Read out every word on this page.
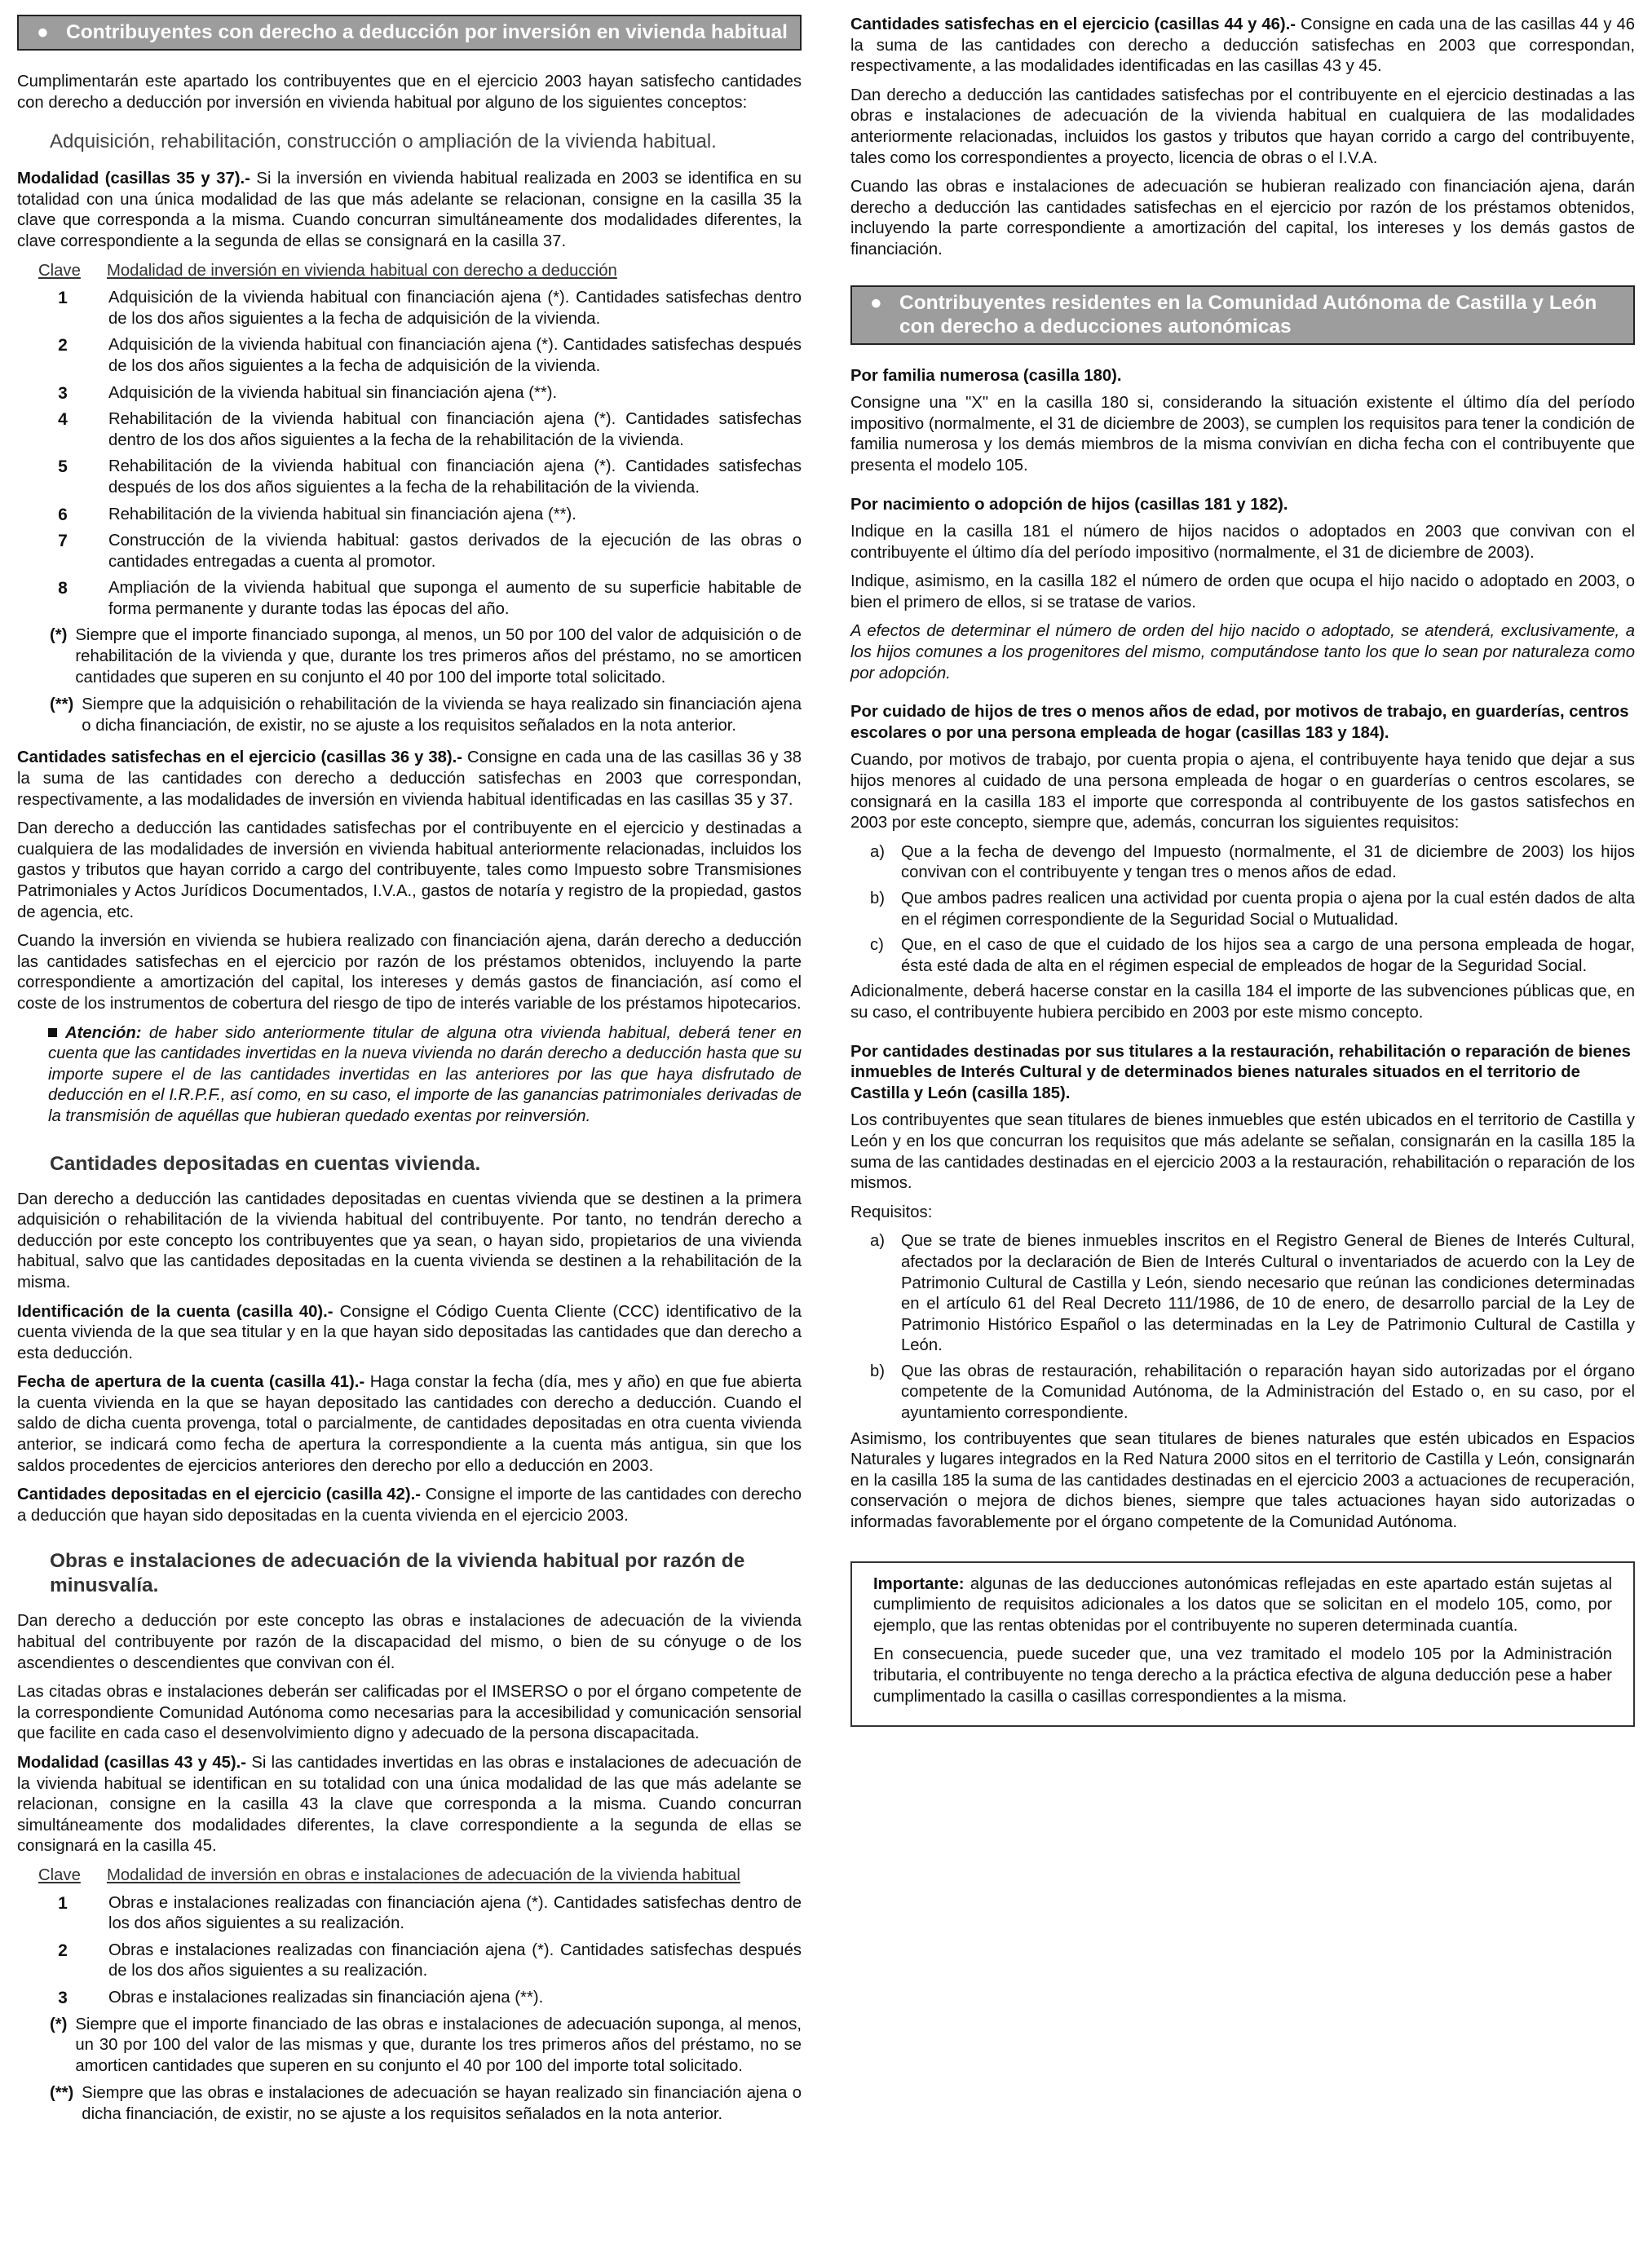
● Contribuyentes con derecho a deducción por inversión en vivienda habitual

Cumplimentarán este apartado los contribuyentes que en el ejercicio 2003 hayan satisfecho cantidades con derecho a deducción por inversión en vivienda habitual por alguno de los siguientes conceptos:

Adquisición, rehabilitación, construcción o ampliación de la vivienda habitual.

Modalidad (casillas 35 y 37).- Si la inversión en vivienda habitual realizada en 2003 se identifica en su totalidad con una única modalidad de las que más adelante se relacionan, consigne en la casilla 35 la clave que corresponda a la misma. Cuando concurran simultáneamente dos modalidades diferentes, la clave correspondiente a la segunda de ellas se consignará en la casilla 37.

Clave	Modalidad de inversión en vivienda habitual con derecho a deducción
1	Adquisición de la vivienda habitual con financiación ajena (*). Cantidades satisfechas dentro de los dos años siguientes a la fecha de adquisición de la vivienda.
2	Adquisición de la vivienda habitual con financiación ajena (*). Cantidades satisfechas después de los dos años siguientes a la fecha de adquisición de la vivienda.
3	Adquisición de la vivienda habitual sin financiación ajena (**).
4	Rehabilitación de la vivienda habitual con financiación ajena (*). Cantidades satisfechas dentro de los dos años siguientes a la fecha de la rehabilitación de la vivienda.
5	Rehabilitación de la vivienda habitual con financiación ajena (*). Cantidades satisfechas después de los dos años siguientes a la fecha de la rehabilitación de la vivienda.
6	Rehabilitación de la vivienda habitual sin financiación ajena (**).
7	Construcción de la vivienda habitual: gastos derivados de la ejecución de las obras o cantidades entregadas a cuenta al promotor.
8	Ampliación de la vivienda habitual que suponga el aumento de su superficie habitable de forma permanente y durante todas las épocas del año.
(*) Siempre que el importe financiado suponga, al menos, un 50 por 100 del valor de adquisición o de rehabilitación de la vivienda y que, durante los tres primeros años del préstamo, no se amorticen cantidades que superen en su conjunto el 40 por 100 del importe total solicitado.
(**) Siempre que la adquisición o rehabilitación de la vivienda se haya realizado sin financiación ajena o dicha financiación, de existir, no se ajuste a los requisitos señalados en la nota anterior.

Cantidades satisfechas en el ejercicio (casillas 36 y 38).- Consigne en cada una de las casillas 36 y 38 la suma de las cantidades con derecho a deducción satisfechas en 2003 que correspondan, respectivamente, a las modalidades de inversión en vivienda habitual identificadas en las casillas 35 y 37.

Dan derecho a deducción las cantidades satisfechas por el contribuyente en el ejercicio y destinadas a cualquiera de las modalidades de inversión en vivienda habitual anteriormente relacionadas, incluidos los gastos y tributos que hayan corrido a cargo del contribuyente, tales como Impuesto sobre Transmisiones Patrimoniales y Actos Jurídicos Documentados, I.V.A., gastos de notaría y registro de la propiedad, gastos de agencia, etc.

Cuando la inversión en vivienda se hubiera realizado con financiación ajena, darán derecho a deducción las cantidades satisfechas en el ejercicio por razón de los préstamos obtenidos, incluyendo la parte correspondiente a amortización del capital, los intereses y demás gastos de financiación, así como el coste de los instrumentos de cobertura del riesgo de tipo de interés variable de los préstamos hipotecarios.

Atención: de haber sido anteriormente titular de alguna otra vivienda habitual, deberá tener en cuenta que las cantidades invertidas en la nueva vivienda no darán derecho a deducción hasta que su importe supere el de las cantidades invertidas en las anteriores por las que haya disfrutado de deducción en el I.R.P.F., así como, en su caso, el importe de las ganancias patrimoniales derivadas de la transmisión de aquéllas que hubieran quedado exentas por reinversión.
Cantidades depositadas en cuentas vivienda.

Dan derecho a deducción las cantidades depositadas en cuentas vivienda que se destinen a la primera adquisición o rehabilitación de la vivienda habitual del contribuyente. Por tanto, no tendrán derecho a deducción por este concepto los contribuyentes que ya sean, o hayan sido, propietarios de una vivienda habitual, salvo que las cantidades depositadas en la cuenta vivienda se destinen a la rehabilitación de la misma.

Identificación de la cuenta (casilla 40).- Consigne el Código Cuenta Cliente (CCC) identificativo de la cuenta vivienda de la que sea titular y en la que hayan sido depositadas las cantidades que dan derecho a esta deducción.

Fecha de apertura de la cuenta (casilla 41).- Haga constar la fecha (día, mes y año) en que fue abierta la cuenta vivienda en la que se hayan depositado las cantidades con derecho a deducción. Cuando el saldo de dicha cuenta provenga, total o parcialmente, de cantidades depositadas en otra cuenta vivienda anterior, se indicará como fecha de apertura la correspondiente a la cuenta más antigua, sin que los saldos procedentes de ejercicios anteriores den derecho por ello a deducción en 2003.

Cantidades depositadas en el ejercicio (casilla 42).- Consigne el importe de las cantidades con derecho a deducción que hayan sido depositadas en la cuenta vivienda en el ejercicio 2003.

Obras e instalaciones de adecuación de la vivienda habitual por razón de minusvalía.

Dan derecho a deducción por este concepto las obras e instalaciones de adecuación de la vivienda habitual del contribuyente por razón de la discapacidad del mismo, o bien de su cónyuge o de los ascendientes o descendientes que convivan con él.

Las citadas obras e instalaciones deberán ser calificadas por el IMSERSO o por el órgano competente de la correspondiente Comunidad Autónoma como necesarias para la accesibilidad y comunicación sensorial que facilite en cada caso el desenvolvimiento digno y adecuado de la persona discapacitada.

Modalidad (casillas 43 y 45).- Si las cantidades invertidas en las obras e instalaciones de adecuación de la vivienda habitual se identifican en su totalidad con una única modalidad de las que más adelante se relacionan, consigne en la casilla 43 la clave que corresponda a la misma. Cuando concurran simultáneamente dos modalidades diferentes, la clave correspondiente a la segunda de ellas se consignará en la casilla 45.

Clave	Modalidad de inversión en obras e instalaciones de adecuación de la vivienda habitual
1	Obras e instalaciones realizadas con financiación ajena (*). Cantidades satisfechas dentro de los dos años siguientes a su realización.
2	Obras e instalaciones realizadas con financiación ajena (*). Cantidades satisfechas después de los dos años siguientes a su realización.
3	Obras e instalaciones realizadas sin financiación ajena (**).
(*) Siempre que el importe financiado de las obras e instalaciones de adecuación suponga, al menos, un 30 por 100 del valor de las mismas y que, durante los tres primeros años del préstamo, no se amorticen cantidades que superen en su conjunto el 40 por 100 del importe total solicitado.
(**) Siempre que las obras e instalaciones de adecuación se hayan realizado sin financiación ajena o dicha financiación, de existir, no se ajuste a los requisitos señalados en la nota anterior.

Cantidades satisfechas en el ejercicio (casillas 44 y 46).- Consigne en cada una de las casillas 44 y 46 la suma de las cantidades con derecho a deducción satisfechas en 2003 que correspondan, respectivamente, a las modalidades identificadas en las casillas 43 y 45.

Dan derecho a deducción las cantidades satisfechas por el contribuyente en el ejercicio destinadas a las obras e instalaciones de adecuación de la vivienda habitual en cualquiera de las modalidades anteriormente relacionadas, incluidos los gastos y tributos que hayan corrido a cargo del contribuyente, tales como los correspondientes a proyecto, licencia de obras o el I.V.A.

Cuando las obras e instalaciones de adecuación se hubieran realizado con financiación ajena, darán derecho a deducción las cantidades satisfechas en el ejercicio por razón de los préstamos obtenidos, incluyendo la parte correspondiente a amortización del capital, los intereses y los demás gastos de financiación.

● Contribuyentes residentes en la Comunidad Autónoma de Castilla y León con derecho a deducciones autonómicas
Por familia numerosa (casilla 180).

Consigne una "X" en la casilla 180 si, considerando la situación existente el último día del período impositivo (normalmente, el 31 de diciembre de 2003), se cumplen los requisitos para tener la condición de familia numerosa y los demás miembros de la misma convivían en dicha fecha con el contribuyente que presenta el modelo 105.

Por nacimiento o adopción de hijos (casillas 181 y 182).

Indique en la casilla 181 el número de hijos nacidos o adoptados en 2003 que convivan con el contribuyente el último día del período impositivo (normalmente, el 31 de diciembre de 2003).

Indique, asimismo, en la casilla 182 el número de orden que ocupa el hijo nacido o adoptado en 2003, o bien el primero de ellos, si se tratase de varios.

A efectos de determinar el número de orden del hijo nacido o adoptado, se atenderá, exclusivamente, a los hijos comunes a los progenitores del mismo, computándose tanto los que lo sean por naturaleza como por adopción.

Por cuidado de hijos de tres o menos años de edad, por motivos de trabajo, en guarderías, centros escolares o por una persona empleada de hogar (casillas 183 y 184).

Cuando, por motivos de trabajo, por cuenta propia o ajena, el contribuyente haya tenido que dejar a sus hijos menores al cuidado de una persona empleada de hogar o en guarderías o centros escolares, se consignará en la casilla 183 el importe que corresponda al contribuyente de los gastos satisfechos en 2003 por este concepto, siempre que, además, concurran los siguientes requisitos:

a) Que a la fecha de devengo del Impuesto (normalmente, el 31 de diciembre de 2003) los hijos convivan con el contribuyente y tengan tres o menos años de edad.
b) Que ambos padres realicen una actividad por cuenta propia o ajena por la cual estén dados de alta en el régimen correspondiente de la Seguridad Social o Mutualidad.
c)	Que, en el caso de que el cuidado de los hijos sea a cargo de una persona empleada de hogar, ésta esté dada de alta en el régimen especial de empleados de hogar de la Seguridad Social.

Adicionalmente, deberá hacerse constar en la casilla 184 el importe de las subvenciones públicas que, en su caso, el contribuyente hubiera percibido en 2003 por este mismo concepto.

Por cantidades destinadas por sus titulares a la restauración, rehabilitación o reparación de bienes inmuebles de Interés Cultural y de determinados bienes naturales situados en el territorio de Castilla y León (casilla 185).

Los contribuyentes que sean titulares de bienes inmuebles que estén ubicados en el territorio de Castilla y León y en los que concurran los requisitos que más adelante se señalan, consignarán en la casilla 185 la suma de las cantidades destinadas en el ejercicio 2003 a la restauración, rehabilitación o reparación de los mismos.

Requisitos:

a) Que se trate de bienes inmuebles inscritos en el Registro General de Bienes de Interés Cultural, afectados por la declaración de Bien de Interés Cultural o inventariados de acuerdo con la Ley de Patrimonio Cultural de Castilla y León, siendo necesario que reúnan las condiciones determinadas en el artículo 61 del Real Decreto 111/1986, de 10 de enero, de desarrollo parcial de la Ley de Patrimonio Histórico Español o las determinadas en la Ley de Patrimonio Cultural de Castilla y León.
b) Que las obras de restauración, rehabilitación o reparación hayan sido autorizadas por el órgano competente de la Comunidad Autónoma, de la Administración del Estado o, en su caso, por el ayuntamiento correspondiente.

Asimismo, los contribuyentes que sean titulares de bienes naturales que estén ubicados en Espacios Naturales y lugares integrados en la Red Natura 2000 sitos en el territorio de Castilla y León, consignarán en la casilla 185 la suma de las cantidades destinadas en el ejercicio 2003 a actuaciones de recuperación, conservación o mejora de dichos bienes, siempre que tales actuaciones hayan sido autorizadas o informadas favorablemente por el órgano competente de la Comunidad Autónoma.

Importante: algunas de las deducciones autonómicas reflejadas en este apartado están sujetas al cumplimiento de requisitos adicionales a los datos que se solicitan en el modelo 105, como, por ejemplo, que las rentas obtenidas por el contribuyente no superen determinada cuantía.

En consecuencia, puede suceder que, una vez tramitado el modelo 105 por la Administración tributaria, el contribuyente no tenga derecho a la práctica efectiva de alguna deducción pese a haber cumplimentado la casilla o casillas correspondientes a la misma.
